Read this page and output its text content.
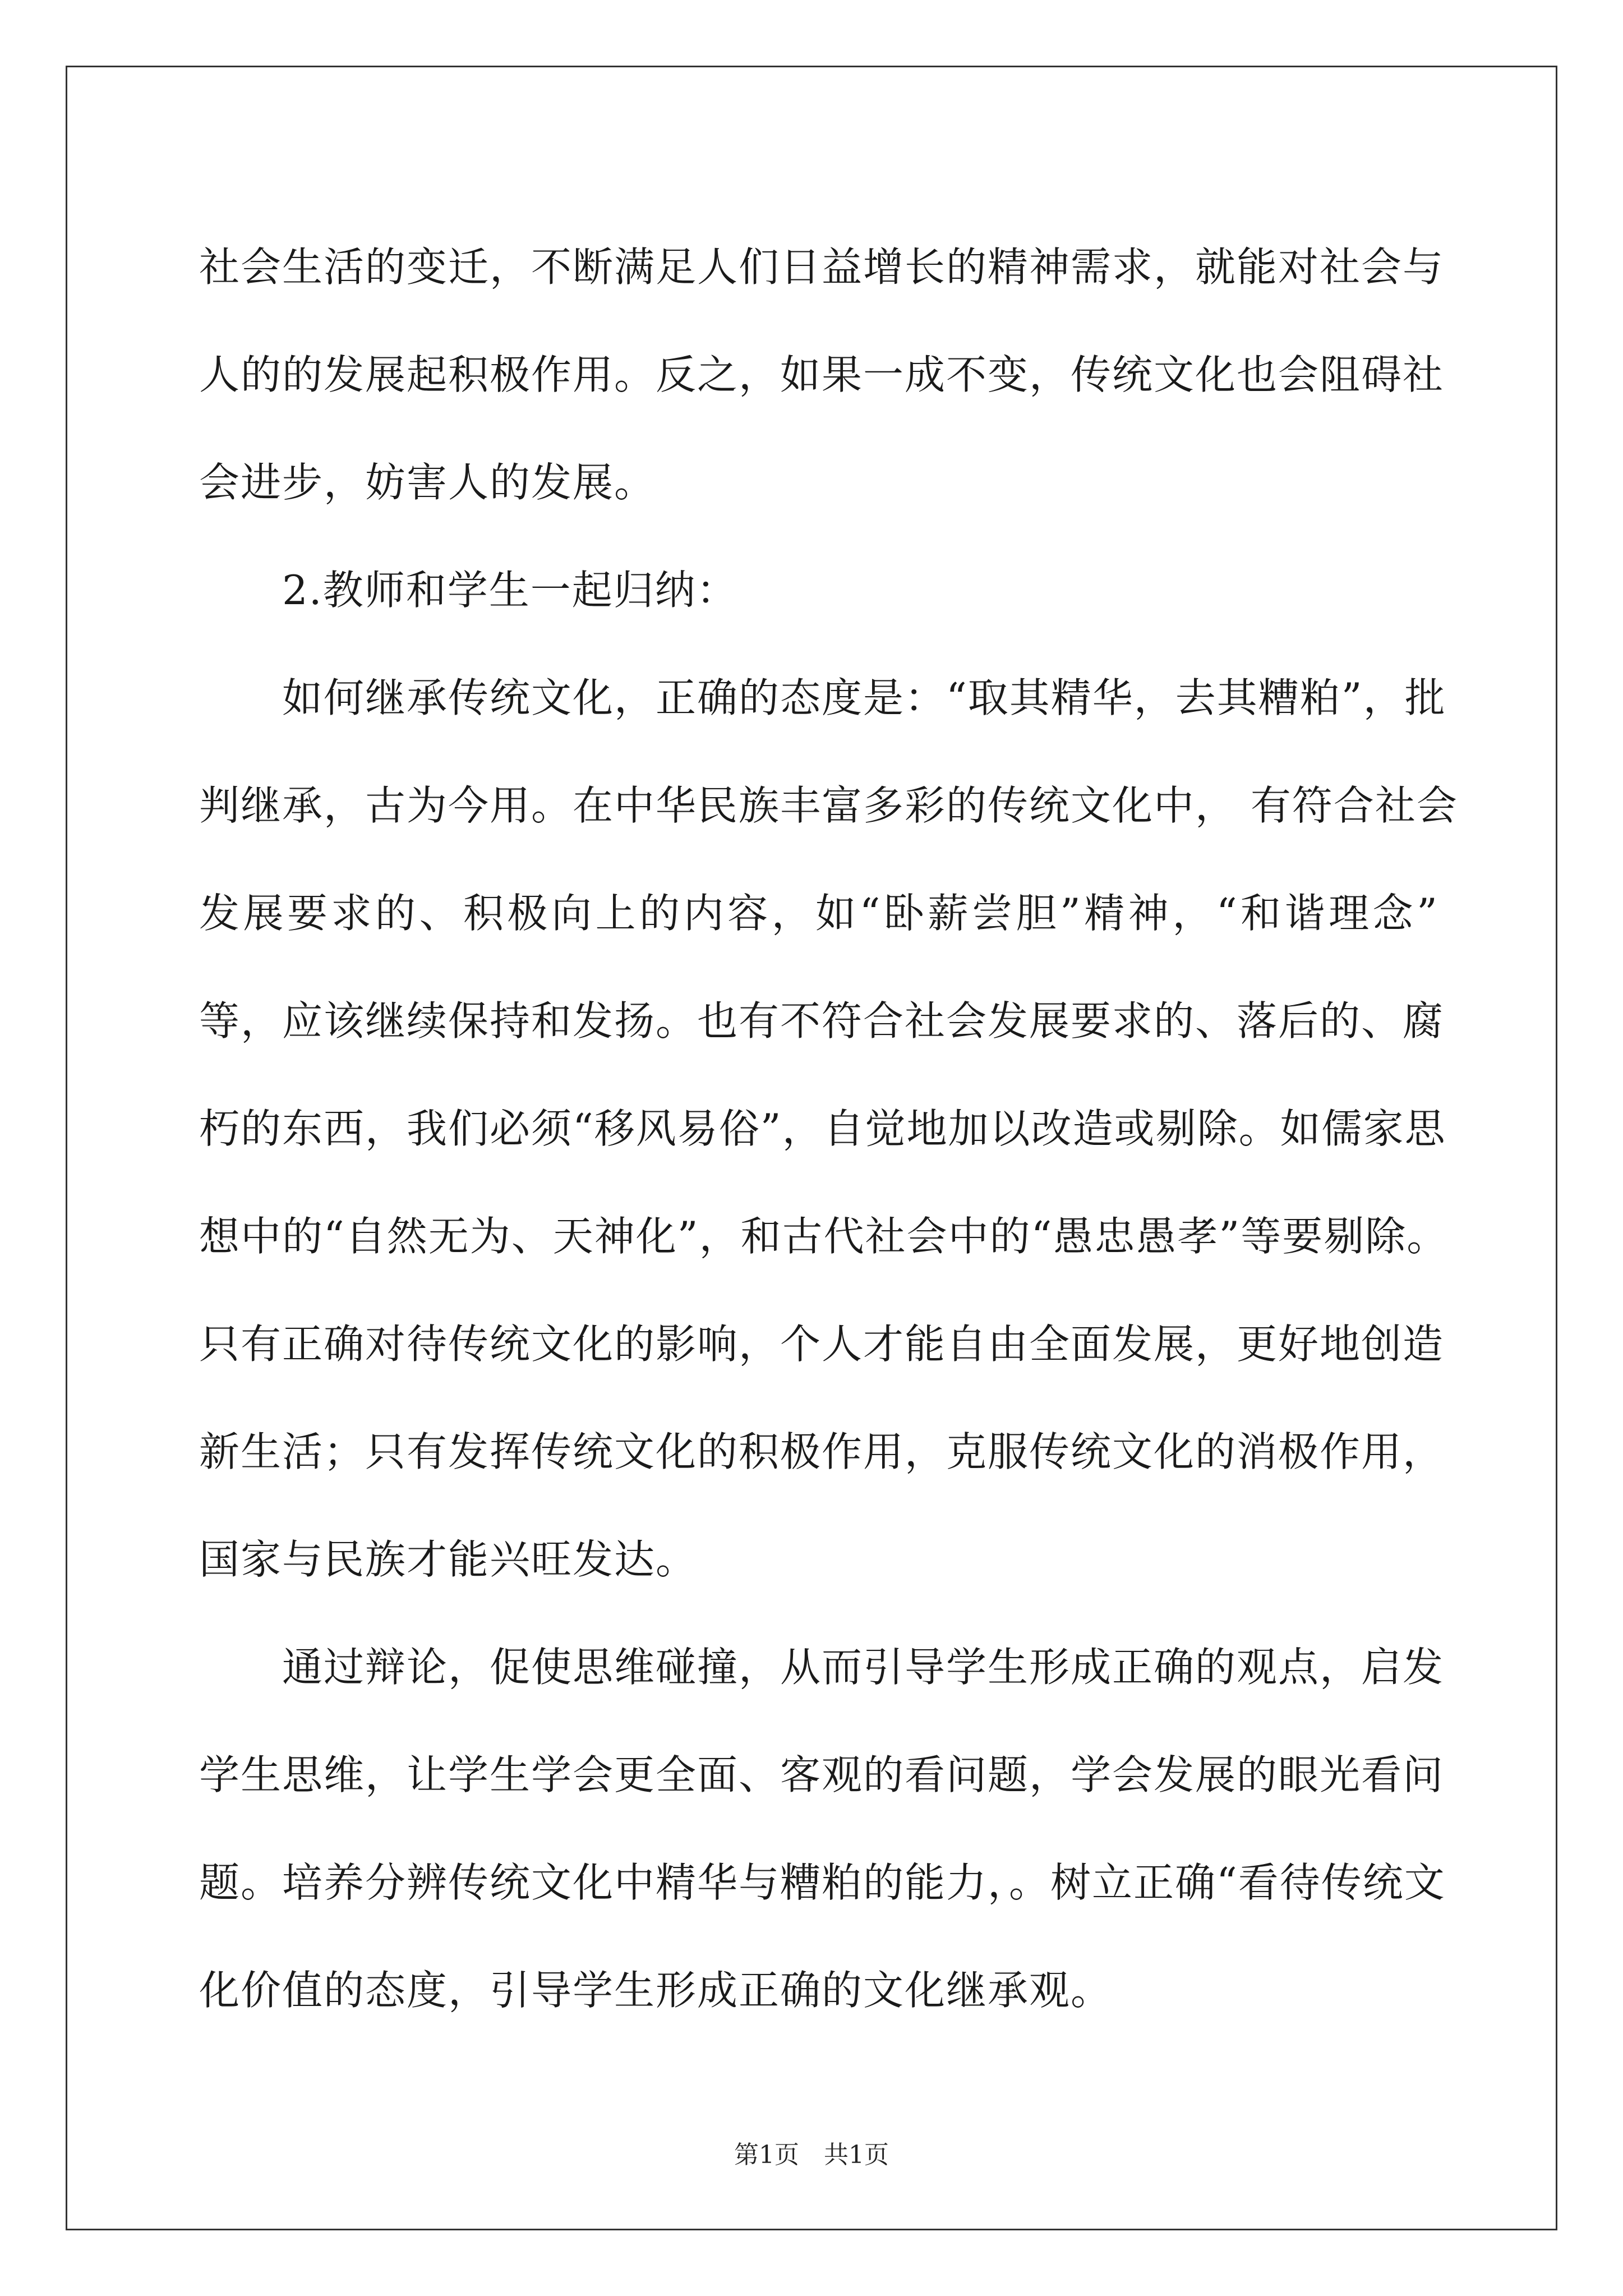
社会生活的变迁，不断满足人们日益增长的精神需求，就能对社会与
人的的发展起积极作用。反之，如果一成不变，传统文化也会阻碍社
会进步，妨害人的发展。
2.教师和学生一起归纳：
如何继承传统文化，正确的态度是：“取其精华，去其糟粕”，批
判继承，古为今用。在中华民族丰富多彩的传统文化中， 有符合社会
发展要求的、积极向上的内容，如“卧薪尝胆”精神，“和谐理念”
等，应该继续保持和发扬。也有不符合社会发展要求的、落后的、腐
朽的东西，我们必须“移风易俗”，自觉地加以改造或剔除。如儒家思
想中的“自然无为、天神化”，和古代社会中的“愚忠愚孝”等要剔除。
只有正确对待传统文化的影响，个人才能自由全面发展，更好地创造
新生活；只有发挥传统文化的积极作用，克服传统文化的消极作用，
国家与民族才能兴旺发达。
通过辩论，促使思维碰撞，从而引导学生形成正确的观点，启发
学生思维，让学生学会更全面、客观的看问题，学会发展的眼光看问
题。培养分辨传统文化中精华与糟粕的能力，。树立正确“看待传统文
化价值的态度，引导学生形成正确的文化继承观。
第1页　共1页
